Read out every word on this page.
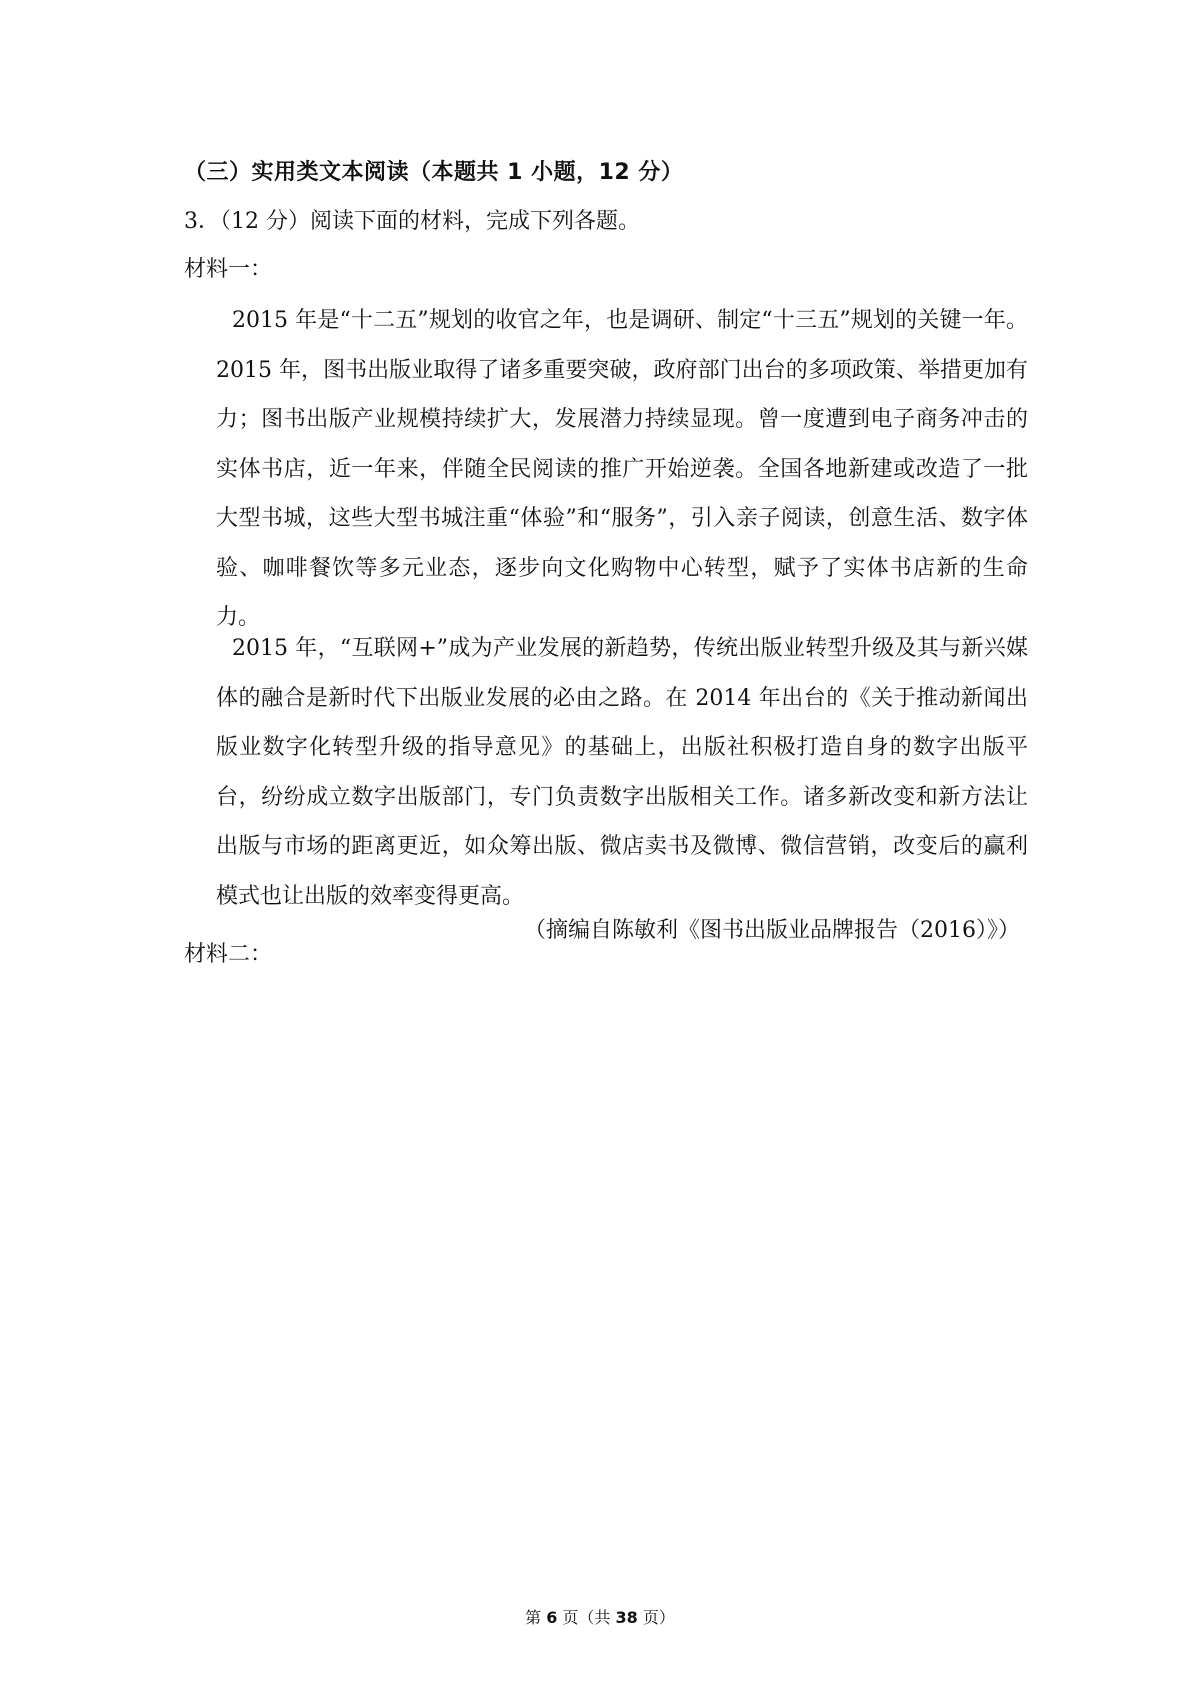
（三）实用类文本阅读（本题共 1 小题，12 分）
3．（12 分）阅读下面的材料，完成下列各题。
材料一：
2015 年是“十二五”规划的收官之年，也是调研、制定“十三五”规划的关键一年。2015 年，图书出版业取得了诸多重要突破，政府部门出台的多项政策、举措更加有力；图书出版产业规模持续扩大，发展潜力持续显现。曾一度遭到电子商务冲击的实体书店，近一年来，伴随全民阅读的推广开始逆袭。全国各地新建或改造了一批大型书城，这些大型书城注重“体验”和“服务”，引入亲子阅读，创意生活、数字体验、咖啡餐饮等多元业态，逐步向文化购物中心转型，赋予了实体书店新的生命力。
2015 年，“互联网+”成为产业发展的新趋势，传统出版业转型升级及其与新兴媒体的融合是新时代下出版业发展的必由之路。在 2014 年出台的《关于推动新闻出版业数字化转型升级的指导意见》的基础上，出版社积极打造自身的数字出版平台，纷纷成立数字出版部门，专门负责数字出版相关工作。诸多新改变和新方法让出版与市场的距离更近，如众筹出版、微店卖书及微博、微信营销，改变后的赢利模式也让出版的效率变得更高。
（摘编自陈敏利《图书出版业品牌报告（2016）》）
材料二：
第 6 页（共 38 页）
